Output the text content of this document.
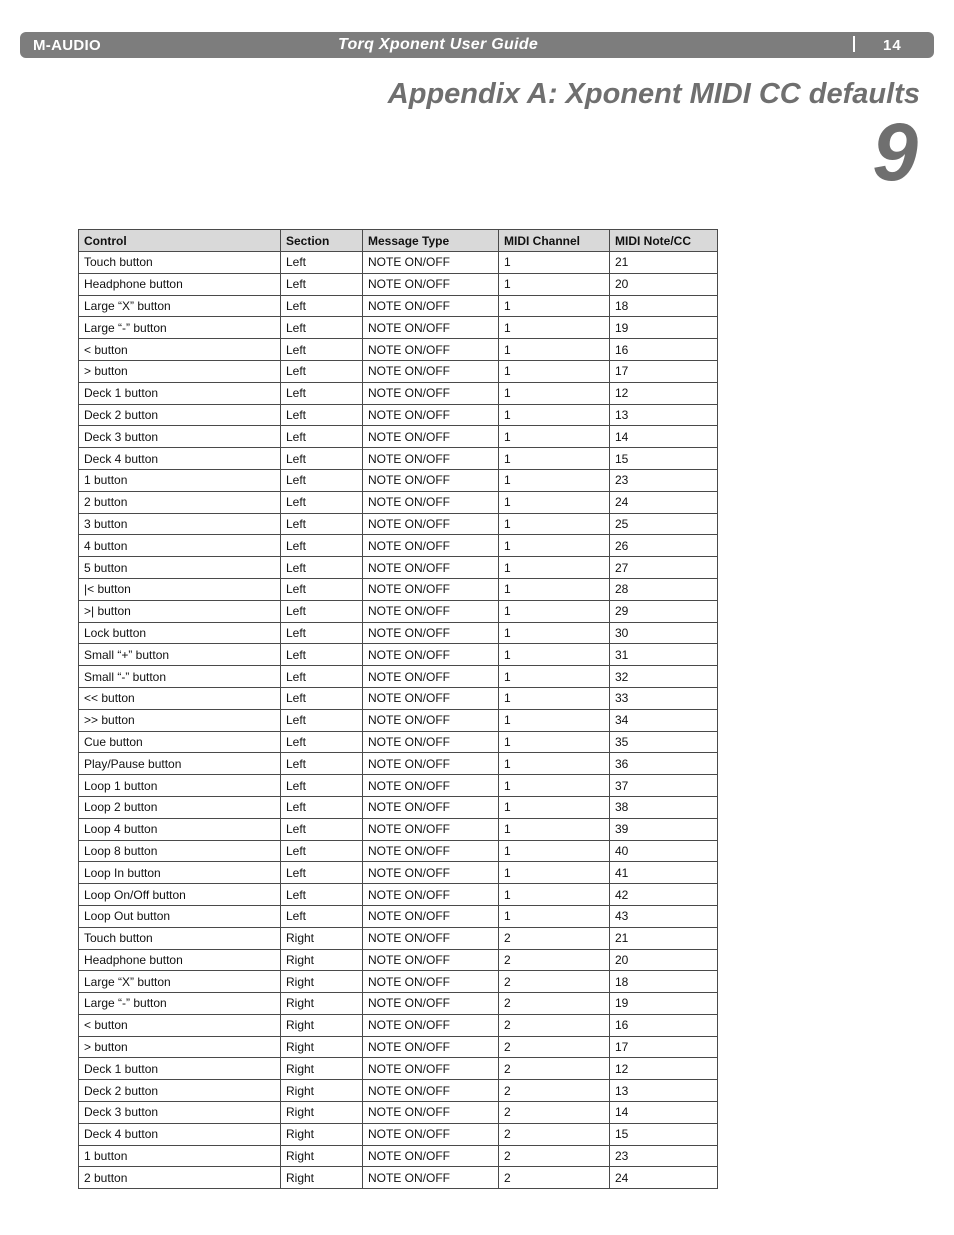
M-AUDIO	Torq Xponent User Guide	14
Appendix A: Xponent MIDI CC defaults
9
Control	Section	Message Type	MIDI Channel	MIDI Note/CC
Touch button	Left	NOTE ON/OFF	1	21
Headphone button	Left	NOTE ON/OFF	1	20
Large “X” button	Left	NOTE ON/OFF	1	18
Large “-” button	Left	NOTE ON/OFF	1	19
< button	Left	NOTE ON/OFF	1	16
> button	Left	NOTE ON/OFF	1	17
Deck 1 button	Left	NOTE ON/OFF	1	12
Deck 2 button	Left	NOTE ON/OFF	1	13
Deck 3 button	Left	NOTE ON/OFF	1	14
Deck 4 button	Left	NOTE ON/OFF	1	15
1 button	Left	NOTE ON/OFF	1	23
2 button	Left	NOTE ON/OFF	1	24
3 button	Left	NOTE ON/OFF	1	25
4 button	Left	NOTE ON/OFF	1	26
5 button	Left	NOTE ON/OFF	1	27
|< button	Left	NOTE ON/OFF	1	28
>| button	Left	NOTE ON/OFF	1	29
Lock button	Left	NOTE ON/OFF	1	30
Small “+” button	Left	NOTE ON/OFF	1	31
Small “-” button	Left	NOTE ON/OFF	1	32
<< button	Left	NOTE ON/OFF	1	33
>> button	Left	NOTE ON/OFF	1	34
Cue button	Left	NOTE ON/OFF	1	35
Play/Pause button	Left	NOTE ON/OFF	1	36
Loop 1 button	Left	NOTE ON/OFF	1	37
Loop 2 button	Left	NOTE ON/OFF	1	38
Loop 4 button	Left	NOTE ON/OFF	1	39
Loop 8 button	Left	NOTE ON/OFF	1	40
Loop In button	Left	NOTE ON/OFF	1	41
Loop On/Off button	Left	NOTE ON/OFF	1	42
Loop Out button	Left	NOTE ON/OFF	1	43
Touch button	Right	NOTE ON/OFF	2	21
Headphone button	Right	NOTE ON/OFF	2	20
Large “X” button	Right	NOTE ON/OFF	2	18
Large “-” button	Right	NOTE ON/OFF	2	19
< button	Right	NOTE ON/OFF	2	16
> button	Right	NOTE ON/OFF	2	17
Deck 1 button	Right	NOTE ON/OFF	2	12
Deck 2 button	Right	NOTE ON/OFF	2	13
Deck 3 button	Right	NOTE ON/OFF	2	14
Deck 4 button	Right	NOTE ON/OFF	2	15
1 button	Right	NOTE ON/OFF	2	23
2 button	Right	NOTE ON/OFF	2	24
